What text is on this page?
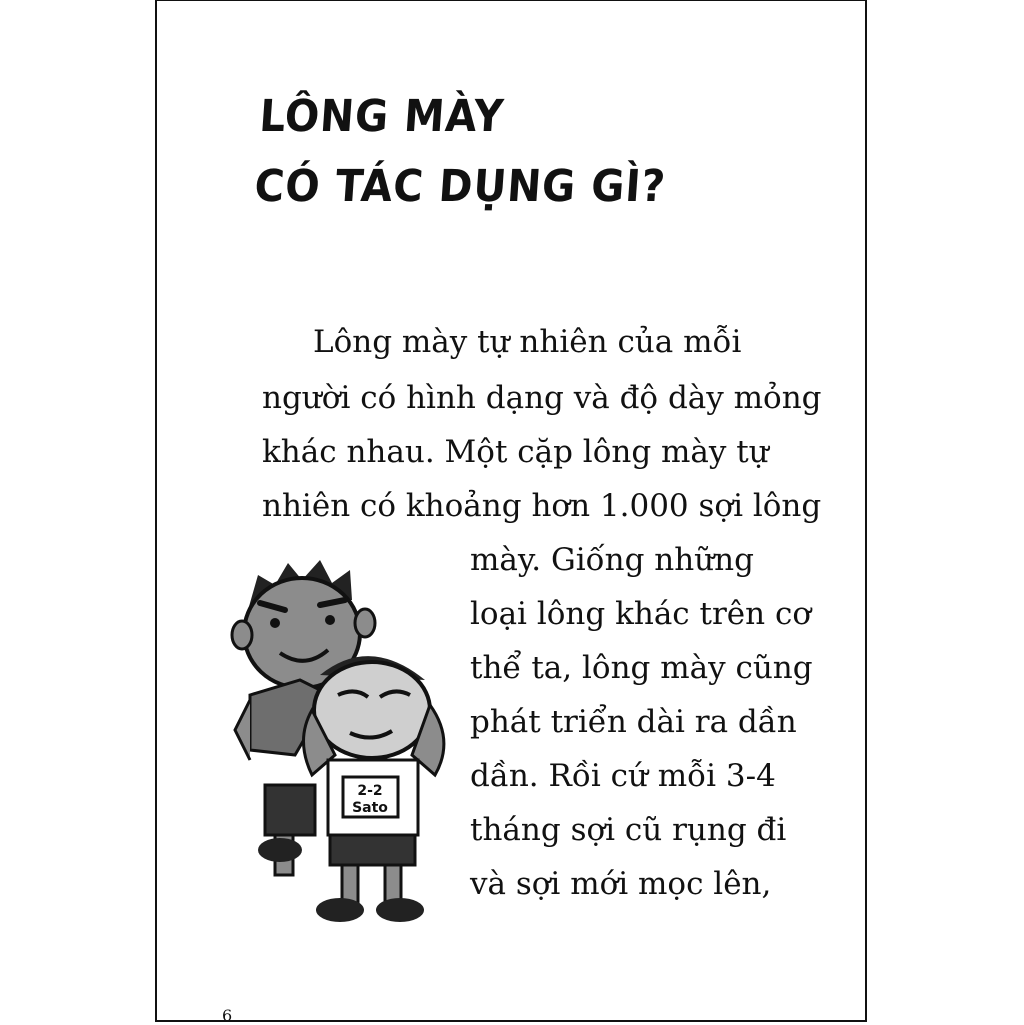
LÔNG MÀY
CÓ TÁC DỤNG GÌ?

Lông mày tự nhiên của mỗi

người có hình dạng và độ dày mỏng

khác nhau. Một cặp lông mày tự

nhiên có khoảng hơn 1.000 sợi lông

mày. Giống những

loại lông khác trên cơ

thể ta, lông mày cũng

phát triển dài ra dần

dần. Rồi cứ mỗi 3-4

tháng sợi cũ rụng đi

và sợi mới mọc lên,

2-2
Sato
6
